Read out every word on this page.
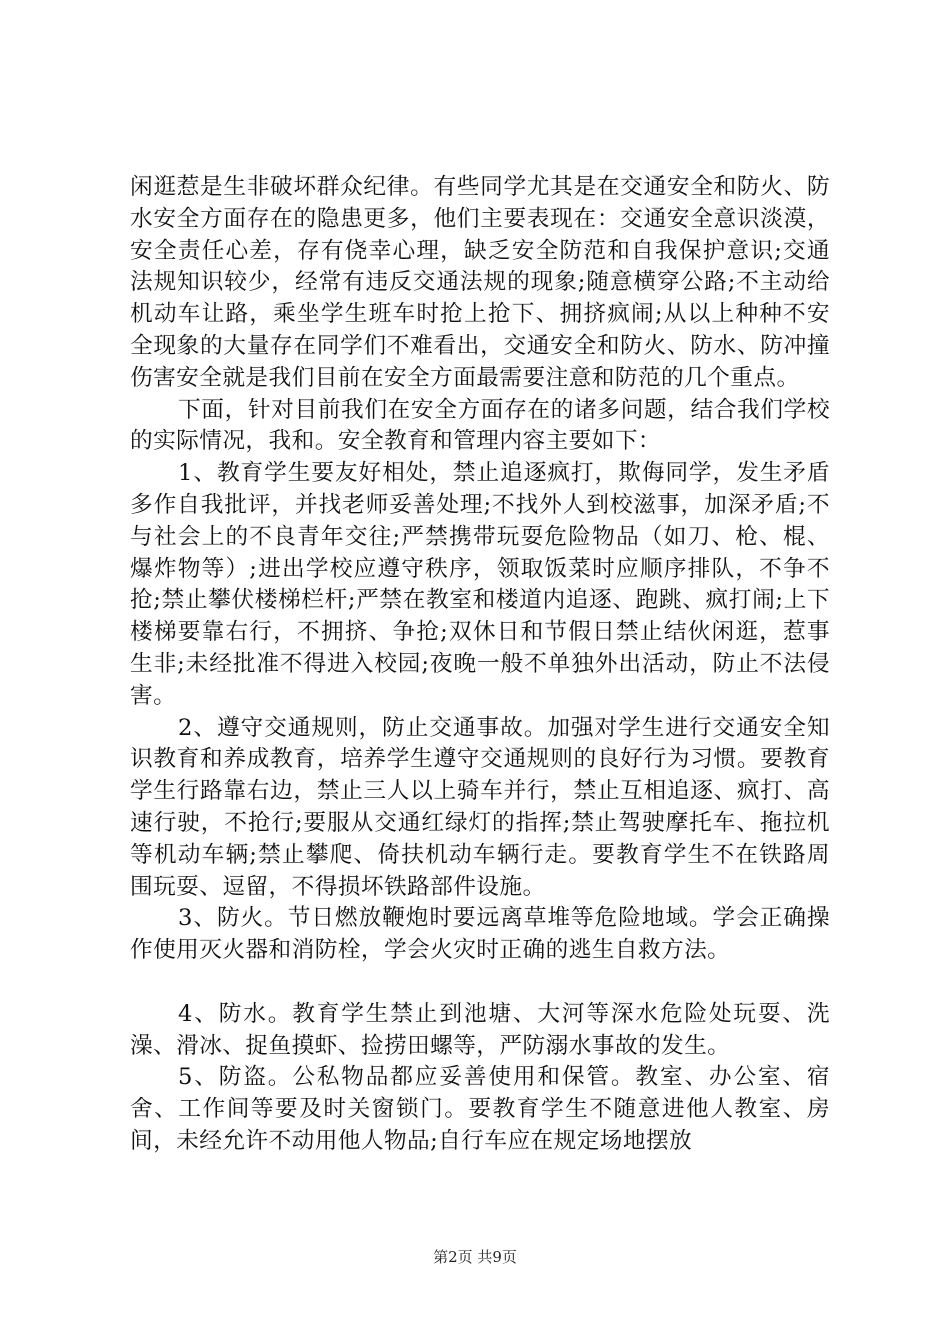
闲逛惹是生非破坏群众纪律。有些同学尤其是在交通安全和防火、防水安全方面存在的隐患更多，他们主要表现在：交通安全意识淡漠，安全责任心差，存有侥幸心理，缺乏安全防范和自我保护意识;交通法规知识较少，经常有违反交通法规的现象;随意横穿公路;不主动给机动车让路，乘坐学生班车时抢上抢下、拥挤疯闹;从以上种种不安全现象的大量存在同学们不难看出，交通安全和防火、防水、防冲撞伤害安全就是我们目前在安全方面最需要注意和防范的几个重点。

下面，针对目前我们在安全方面存在的诸多问题，结合我们学校的实际情况，我和。安全教育和管理内容主要如下：

1、教育学生要友好相处，禁止追逐疯打，欺侮同学，发生矛盾多作自我批评，并找老师妥善处理;不找外人到校滋事，加深矛盾;不与社会上的不良青年交往;严禁携带玩耍危险物品（如刀、枪、棍、爆炸物等）;进出学校应遵守秩序，领取饭菜时应顺序排队，不争不抢;禁止攀伏楼梯栏杆;严禁在教室和楼道内追逐、跑跳、疯打闹;上下楼梯要靠右行，不拥挤、争抢;双休日和节假日禁止结伙闲逛，惹事生非;未经批准不得进入校园;夜晚一般不单独外出活动，防止不法侵害。

2、遵守交通规则，防止交通事故。加强对学生进行交通安全知识教育和养成教育，培养学生遵守交通规则的良好行为习惯。要教育学生行路靠右边，禁止三人以上骑车并行，禁止互相追逐、疯打、高速行驶，不抢行;要服从交通红绿灯的指挥;禁止驾驶摩托车、拖拉机等机动车辆;禁止攀爬、倚扶机动车辆行走。要教育学生不在铁路周围玩耍、逗留，不得损坏铁路部件设施。

3、防火。节日燃放鞭炮时要远离草堆等危险地域。学会正确操作使用灭火器和消防栓，学会火灾时正确的逃生自救方法。

4、防水。教育学生禁止到池塘、大河等深水危险处玩耍、洗澡、滑冰、捉鱼摸虾、捡捞田螺等，严防溺水事故的发生。

5、防盗。公私物品都应妥善使用和保管。教室、办公室、宿舍、工作间等要及时关窗锁门。要教育学生不随意进他人教室、房间，未经允许不动用他人物品;自行车应在规定场地摆放

第2页 共9页
